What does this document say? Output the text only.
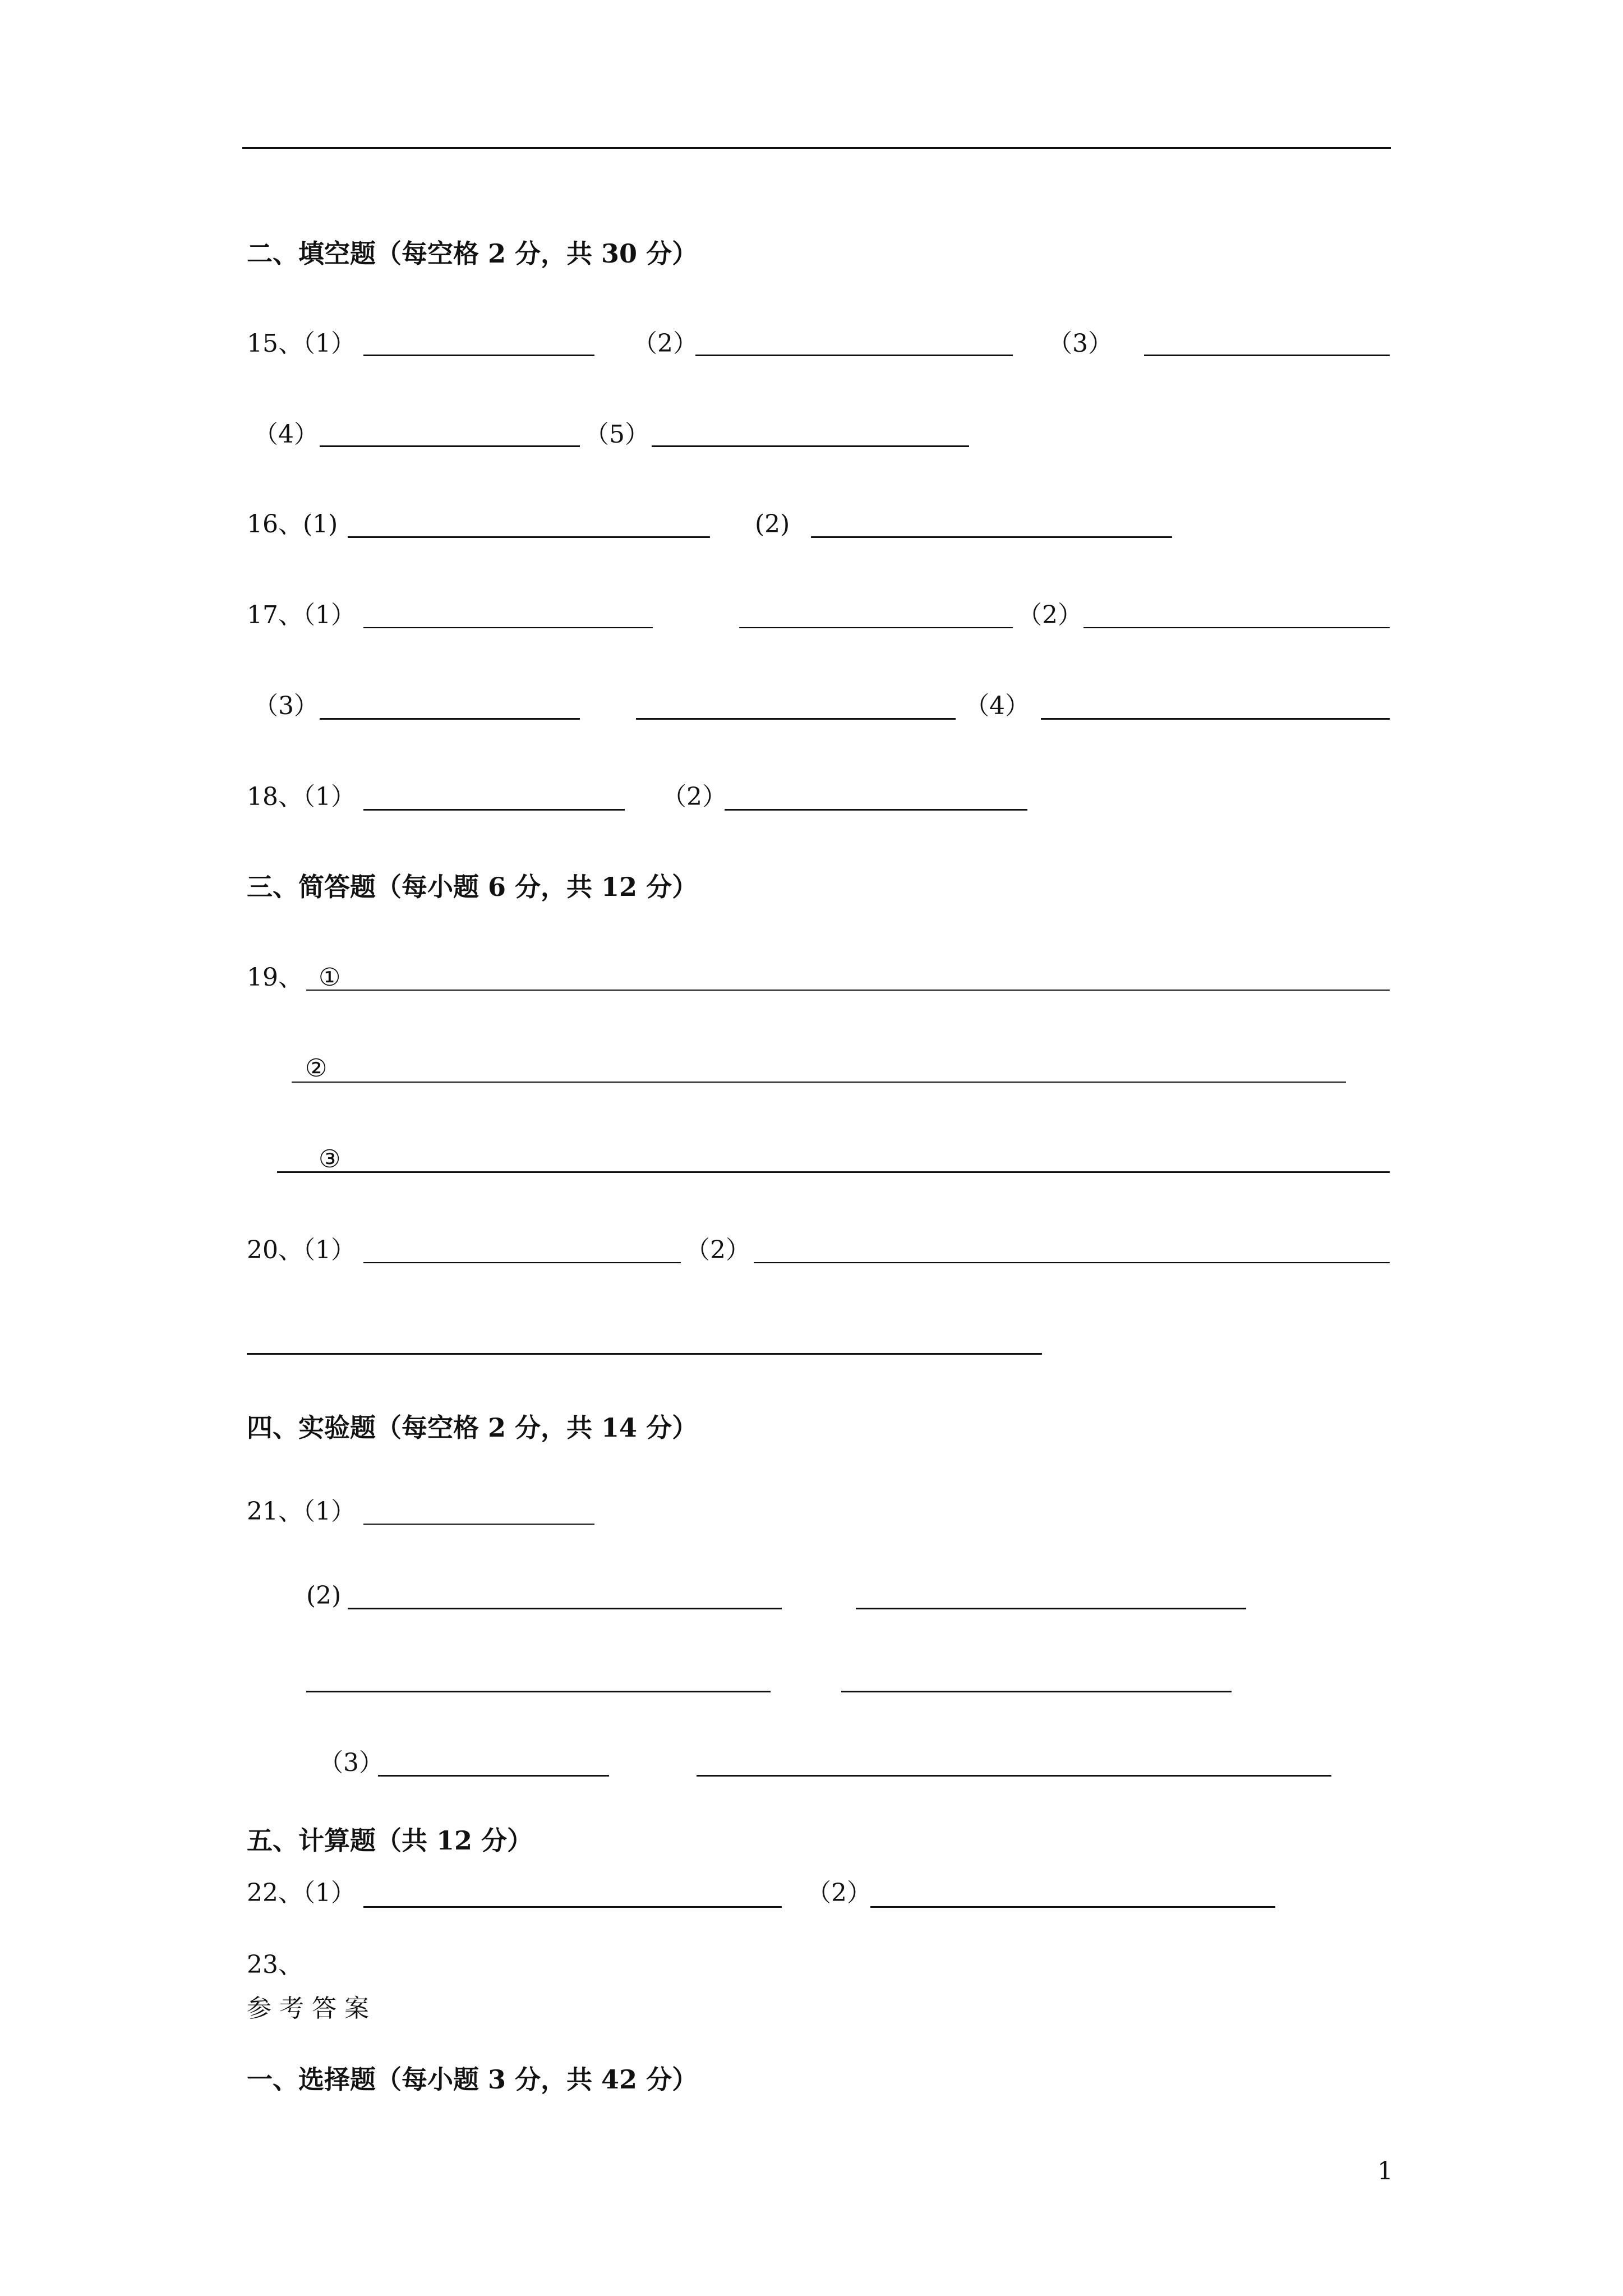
二、填空题（每空格 2 分，共 30 分）
15、（1）	（2）	（3）
（4）	（5）
16、(1)	(2)
17、（1）	（2）
（3）	（4）
18、（1）	（2）
三、简答题（每小题 6 分，共 12 分）
19、 ①
②
③
20、（1）	（2）
四、实验题（每空格 2 分，共 14 分）
21、（1）
(2)
（3）
五、计算题（共 12 分）
22、（1）	（2）
23、
参 考 答 案
一、选择题（每小题 3 分，共 42 分）
1
